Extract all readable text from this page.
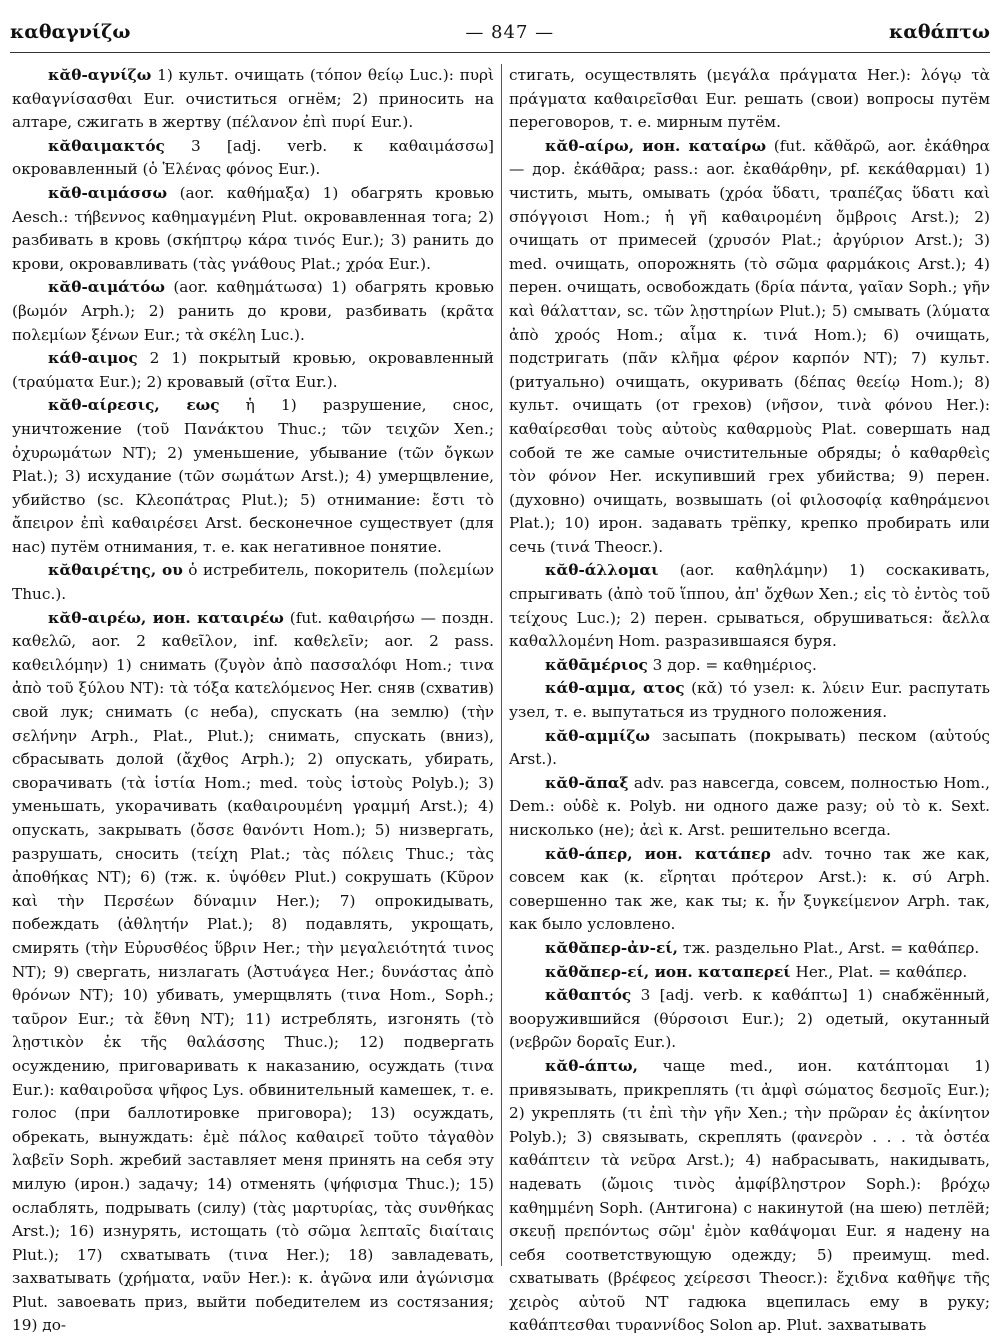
καθαγνίζω	— 847 —	καθάπτω

κᾰθ-αγνίζω 1) культ. очищать (τόπον θείῳ Luc.): πυρὶ καθαγνίσασθαι Eur. очиститься огнём; 2) приносить на алтаре, сжигать в жертву (πέλανον ἐπὶ πυρί Eur.).

κᾰθαιμακτός 3 [adj. verb. к καθαιμάσσω] окровавленный (ὁ Ἑλένας φόνος Eur.).

κᾰθ-αιμάσσω (aor. καθήμαξα) 1) обагрять кровью Aesch.: τήβεννος καθημαγμένη Plut. окровавленная тога; 2) разбивать в кровь (σκήπτρῳ κάρα τινός Eur.); 3) ранить до крови, окровавливать (τὰς γνάθους Plat.; χρόα Eur.).

κᾰθ-αιμάτόω (aor. καθημάτωσα) 1) обагрять кровью (βωμόν Arph.); 2) ранить до крови, разбивать (κρᾶτα πολεμίων ξένων Eur.; τὰ σκέλη Luc.).

κάθ-αιμος 2 1) покрытый кровью, окровавленный (τραύματα Eur.); 2) кровавый (σῖτα Eur.).

κᾰθ-αίρεσις, εως ἡ 1) разрушение, снос, уничтожение (τοῦ Πανάκτου Thuc.; τῶν τειχῶν Xen.; ὀχυρωμάτων NT); 2) уменьшение, убывание (τῶν ὄγκων Plat.); 3) исхудание (τῶν σωμάτων Arst.); 4) умерщвление, убийство (sc. Κλεοπάτρας Plut.); 5) отнимание: ἔστι τὸ ἄπειρον ἐπὶ καθαιρέσει Arst. бесконечное существует (для нас) путём отнимания, т. е. как негативное понятие.

κᾰθαιρέτης, ου ὁ истребитель, покоритель (πολεμίων Thuc.).

κᾰθ-αιρέω, ион. καταιρέω (fut. καθαιρήσω — поздн. καθελῶ, aor. 2 καθεῖλον, inf. καθελεῖν; aor. 2 pass. καθειλόμην) 1) снимать (ζυγὸν ἀπὸ πασσαλόφι Hom.; τινα ἀπὸ τοῦ ξύλου NT): τὰ τόξα κατελόμενος Her. сняв (схватив) свой лук; снимать (с неба), спускать (на землю) (τὴν σελήνην Arph., Plat., Plut.); снимать, спускать (вниз), сбрасывать долой (ἄχθος Arph.); 2) опускать, убирать, сворачивать (τὰ ἱστία Hom.; med. τοὺς ἱστοὺς Polyb.); 3) уменьшать, укорачивать (καθαιρουμένη γραμμή Arst.); 4) опускать, закрывать (ὄσσε θανόντι Hom.); 5) низвергать, разрушать, сносить (τείχη Plat.; τὰς πόλεις Thuc.; τὰς ἀποθήκας NT); 6) (тж. κ. ὑψόθεν Plut.) сокрушать (Κῦρον καὶ τὴν Περσέων δύναμιν Her.); 7) опрокидывать, побеждать (ἀθλητήν Plat.); 8) подавлять, укрощать, смирять (τὴν Εὐρυσθέος ὕβριν Her.; τὴν μεγαλειότητά τινος NT); 9) свергать, низлагать (Ἀστυάγεα Her.; δυνάστας ἀπὸ θρόνων NT); 10) убивать, умерщвлять (τινα Hom., Soph.; ταῦρον Eur.; τὰ ἔθνη NT); 11) истреблять, изгонять (τὸ λῃστικὸν ἐκ τῆς θαλάσσης Thuc.); 12) подвергать осуждению, приговаривать к наказанию, осуждать (τινα Eur.): καθαιροῦσα ψῆφος Lys. обвинительный камешек, т. е. голос (при баллотировке приговора); 13) осуждать, обрекать, вынуждать: ἐμὲ πάλος καθαιρεῖ τοῦτο τἀγαθὸν λαβεῖν Soph. жребий заставляет меня принять на себя эту милую (ирон.) задачу; 14) отменять (ψήφισμα Thuc.); 15) ослаблять, подрывать (силу) (τὰς μαρτυρίας, τὰς συνθήκας Arst.); 16) изнурять, истощать (τὸ σῶμα λεπταῖς διαίταις Plut.); 17) схватывать (τινα Her.); 18) завладевать, захватывать (χρήματα, ναῦν Her.): κ. ἀγῶνα или ἀγώνισμα Plut. завоевать приз, выйти победителем из состязания; 19) до-

стигать, осуществлять (μεγάλα πράγματα Her.): λόγῳ τὰ πράγματα καθαιρεῖσθαι Eur. решать (свои) вопросы путём переговоров, т. е. мирным путём.

κᾰθ-αίρω, ион. καταίρω (fut. κᾰθᾰρῶ, aor. ἐκάθηρα — дор. ἐκάθᾱρα; pass.: aor. ἐκαθάρθην, pf. κεκάθαρμαι) 1) чистить, мыть, омывать (χρόα ὕδατι, τραπέζας ὕδατι καὶ σπόγγοισι Hom.; ἡ γῆ καθαιρομένη ὄμβροις Arst.); 2) очищать от примесей (χρυσόν Plat.; ἀργύριον Arst.); 3) med. очищать, опорожнять (τὸ σῶμα φαρμάκοις Arst.); 4) перен. очищать, освобождать (δρία πάντα, γαῖαν Soph.; γῆν καὶ θάλατταν, sc. τῶν λῃστηρίων Plut.); 5) смывать (λύματα ἀπὸ χροός Hom.; αἷμα κ. τινά Hom.); 6) очищать, подстригать (πᾶν κλῆμα φέρον καρπόν NT); 7) культ. (ритуально) очищать, окуривать (δέπας θεείῳ Hom.); 8) культ. очищать (от грехов) (νῆσον, τινὰ φόνου Her.): καθαίρεσθαι τοὺς αὐτοὺς καθαρμοὺς Plat. совершать над собой те же самые очистительные обряды; ὁ καθαρθεὶς τὸν φόνον Her. искупивший грех убийства; 9) перен. (духовно) очищать, возвышать (οἱ φιλοσοφίᾳ καθηράμενοι Plat.); 10) ирон. задавать трёпку, крепко пробирать или сечь (τινά Theocr.).

κᾰθ-άλλομαι (aor. καθηλάμην) 1) соскакивать, спрыгивать (ἀπὸ τοῦ ἵππου, ἀπ' ὄχθων Xen.; εἰς τὸ ἐντὸς τοῦ τείχους Luc.); 2) перен. срываться, обрушиваться: ἄελλα καθαλλομένη Hom. разразившаяся буря.

κᾰθᾱμέριος 3 дор. = καθημέριος.

κάθ-αμμα, ατος (κᾰ) τό узел: κ. λύειν Eur. распутать узел, т. е. выпутаться из трудного положения.

κᾰθ-αμμίζω засыпать (покрывать) песком (αὐτούς Arst.).

κᾰθ-ᾰπαξ adv. раз навсегда, совсем, полностью Hom., Dem.: οὐδὲ κ. Polyb. ни одного даже разу; οὐ τὸ κ. Sext. нисколько (не); ἀεὶ κ. Arst. решительно всегда.

κᾰθ-άπερ, ион. κατάπερ adv. точно так же как, совсем как (κ. εἴρηται πρότερον Arst.): κ. σύ Arph. совершенно так же, как ты; κ. ἦν ξυγκείμενον Arph. так, как было условлено.

κᾰθᾰπερ-ἀν-εί, тж. раздельно Plat., Arst. = καθάπερ.

κᾰθᾰπερ-εί, ион. καταπερεί Her., Plat. = καθάπερ.

κᾰθαπτός 3 [adj. verb. к καθάπτω] 1) снабжённый, вооружившийся (θύρσοισι Eur.); 2) одетый, окутанный (νεβρῶν δοραῖς Eur.).

κᾰθ-άπτω, чаще med., ион. κατάπτομαι 1) привязывать, прикреплять (τι ἀμφὶ σώματος δεσμοῖς Eur.); 2) укреплять (τι ἐπὶ τὴν γῆν Xen.; τὴν πρῶραν ἐς ἀκίνητον Polyb.); 3) связывать, скреплять (φανερὸν . . . τὰ ὀστέα καθάπτειν τὰ νεῦρα Arst.); 4) набрасывать, накидывать, надевать (ὤμοις τινὸς ἀμφίβληστρον Soph.): βρόχῳ καθημμένη Soph. (Антигона) с накинутой (на шею) петлёй; σκευῇ πρεπόντως σῶμ' ἐμὸν καθάψομαι Eur. я надену на себя соответствующую одежду; 5) преимущ. med. схватывать (βρέφεος χείρεσσι Theocr.): ἔχιδνα καθῆψε τῆς χειρὸς αὐτοῦ NT гадюка вцепилась ему в руку; καθάπτεσθαι τυραννίδος Solon ap. Plut. захватывать
